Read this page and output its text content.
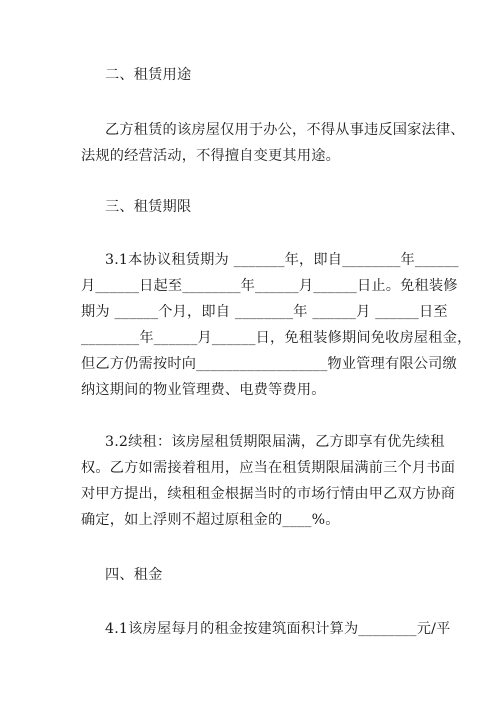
二、租赁用途
乙方租赁的该房屋仅用于办公，不得从事违反国家法律、
法规的经营活动，不得擅自变更其用途。
三、租赁期限
3.1本协议租赁期为 _______年，即自________年______
月______日起至________年______月______日止。免租装修
期为 ______个月，即自 ________年 ______月 ______日至
________年______月______日，免租装修期间免收房屋租金，
但乙方仍需按时向__________________物业管理有限公司缴
纳这期间的物业管理费、电费等费用。
3.2续租：该房屋租赁期限届满，乙方即享有优先续租
权。乙方如需接着租用，应当在租赁期限届满前三个月书面
对甲方提出，续租租金根据当时的市场行情由甲乙双方协商
确定，如上浮则不超过原租金的____%。
四、租金
4.1该房屋每月的租金按建筑面积计算为________元/平
